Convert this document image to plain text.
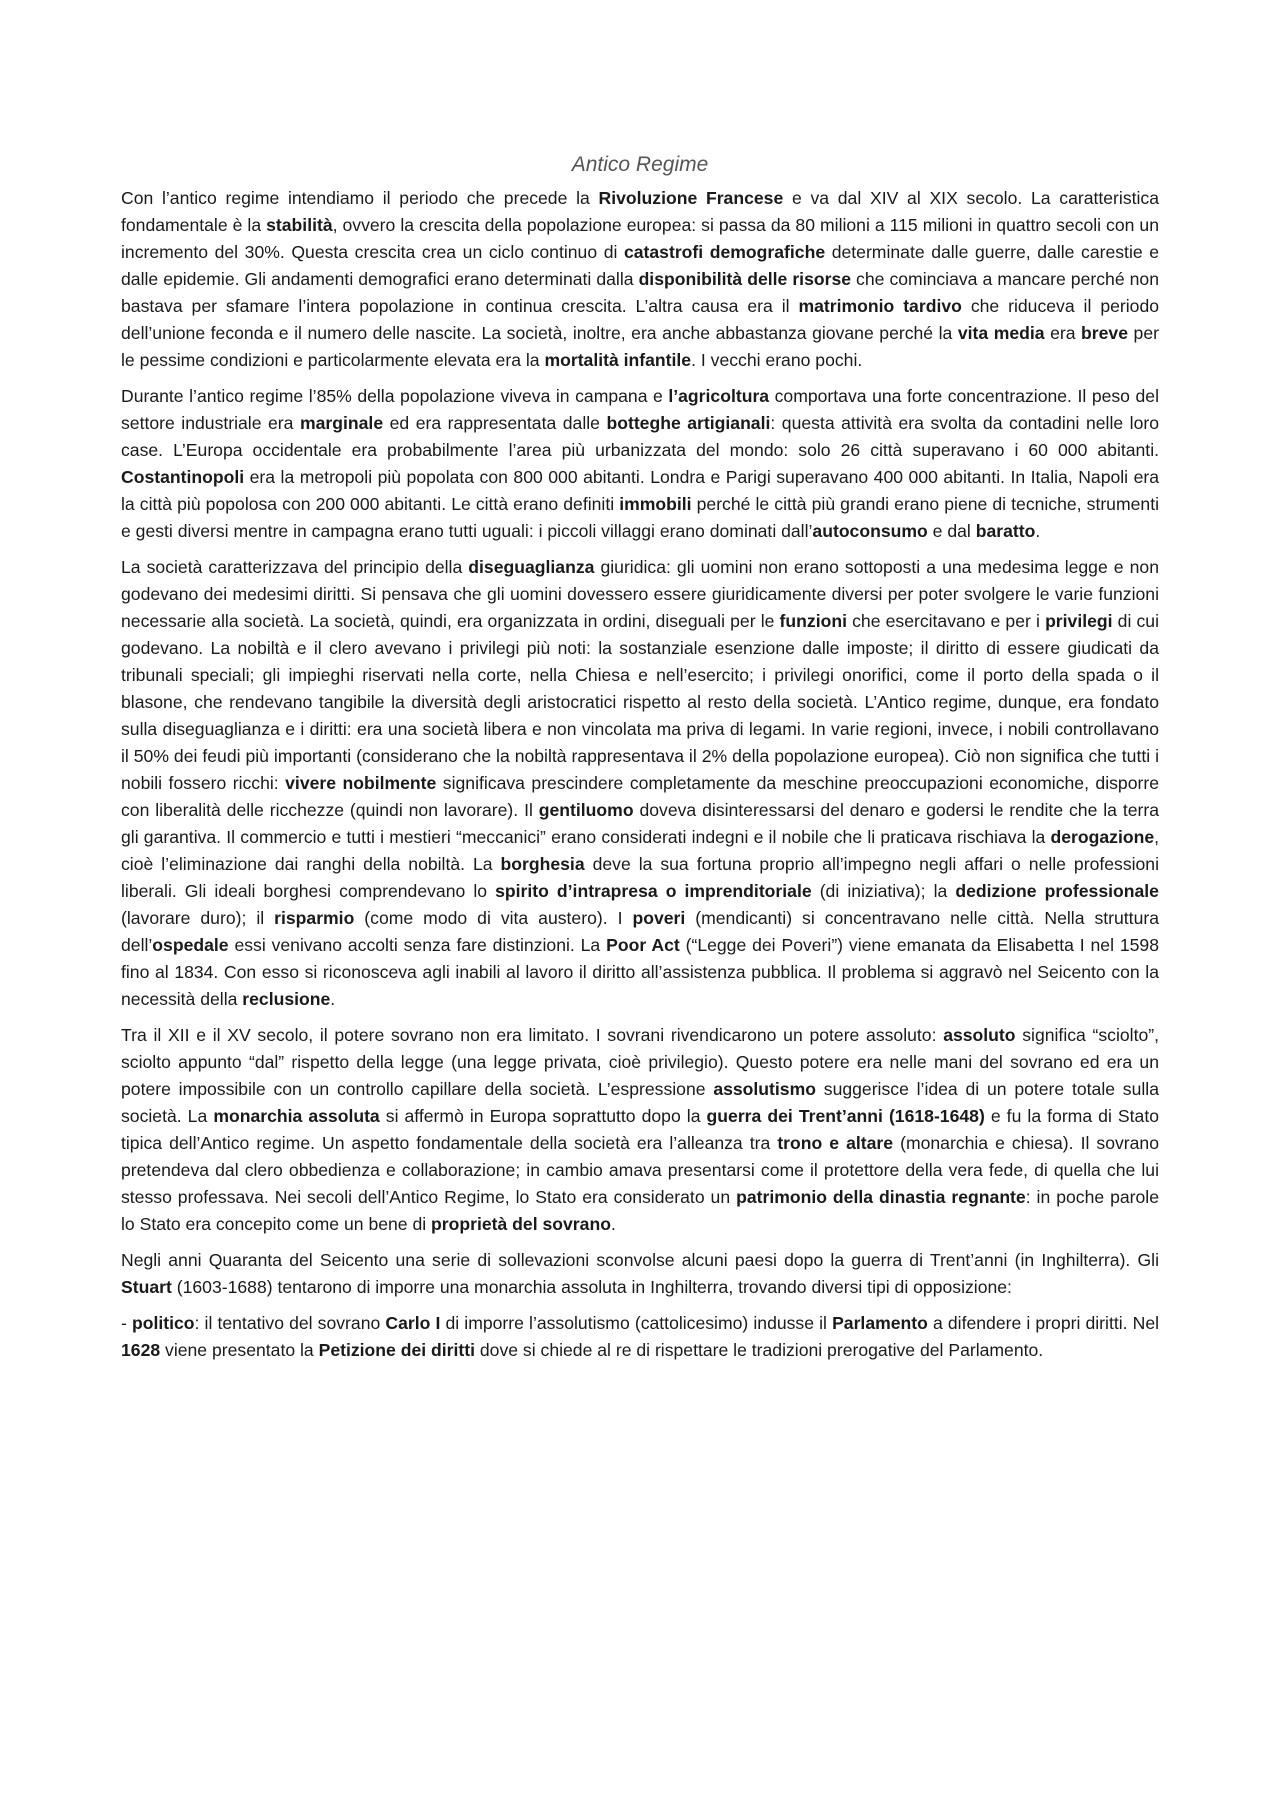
Antico Regime

Con l’antico regime intendiamo il periodo che precede la Rivoluzione Francese e va dal XIV al XIX secolo. La caratteristica fondamentale è la stabilità, ovvero la crescita della popolazione europea: si passa da 80 milioni a 115 milioni in quattro secoli con un incremento del 30%. Questa crescita crea un ciclo continuo di catastrofi demografiche determinate dalle guerre, dalle carestie e dalle epidemie. Gli andamenti demografici erano determinati dalla disponibilità delle risorse che cominciava a mancare perché non bastava per sfamare l’intera popolazione in continua crescita. L’altra causa era il matrimonio tardivo che riduceva il periodo dell’unione feconda e il numero delle nascite. La società, inoltre, era anche abbastanza giovane perché la vita media era breve per le pessime condizioni e particolarmente elevata era la mortalità infantile. I vecchi erano pochi.

Durante l’antico regime l’85% della popolazione viveva in campana e l’agricoltura comportava una forte concentrazione. Il peso del settore industriale era marginale ed era rappresentata dalle botteghe artigianali: questa attività era svolta da contadini nelle loro case. L’Europa occidentale era probabilmente l’area più urbanizzata del mondo: solo 26 città superavano i 60 000 abitanti. Costantinopoli era la metropoli più popolata con 800 000 abitanti. Londra e Parigi superavano 400 000 abitanti. In Italia, Napoli era la città più popolosa con 200 000 abitanti. Le città erano definiti immobili perché le città più grandi erano piene di tecniche, strumenti e gesti diversi mentre in campagna erano tutti uguali: i piccoli villaggi erano dominati dall’autoconsumo e dal baratto.

La società caratterizzava del principio della diseguaglianza giuridica: gli uomini non erano sottoposti a una medesima legge e non godevano dei medesimi diritti. Si pensava che gli uomini dovessero essere giuridicamente diversi per poter svolgere le varie funzioni necessarie alla società. La società, quindi, era organizzata in ordini, diseguali per le funzioni che esercitavano e per i privilegi di cui godevano. La nobiltà e il clero avevano i privilegi più noti: la sostanziale esenzione dalle imposte; il diritto di essere giudicati da tribunali speciali; gli impieghi riservati nella corte, nella Chiesa e nell’esercito; i privilegi onorifici, come il porto della spada o il blasone, che rendevano tangibile la diversità degli aristocratici rispetto al resto della società. L’Antico regime, dunque, era fondato sulla diseguaglianza e i diritti: era una società libera e non vincolata ma priva di legami. In varie regioni, invece, i nobili controllavano il 50% dei feudi più importanti (considerano che la nobiltà rappresentava il 2% della popolazione europea). Ciò non significa che tutti i nobili fossero ricchi: vivere nobilmente significava prescindere completamente da meschine preoccupazioni economiche, disporre con liberalità delle ricchezze (quindi non lavorare). Il gentiluomo doveva disinteressarsi del denaro e godersi le rendite che la terra gli garantiva. Il commercio e tutti i mestieri “meccanici” erano considerati indegni e il nobile che li praticava rischiava la derogazione, cioè l’eliminazione dai ranghi della nobiltà. La borghesia deve la sua fortuna proprio all’impegno negli affari o nelle professioni liberali. Gli ideali borghesi comprendevano lo spirito d’intrapresa o imprenditoriale (di iniziativa); la dedizione professionale (lavorare duro); il risparmio (come modo di vita austero). I poveri (mendicanti) si concentravano nelle città. Nella struttura dell’ospedale essi venivano accolti senza fare distinzioni. La Poor Act (“Legge dei Poveri”) viene emanata da Elisabetta I nel 1598 fino al 1834. Con esso si riconosceva agli inabili al lavoro il diritto all’assistenza pubblica. Il problema si aggravò nel Seicento con la necessità della reclusione.

Tra il XII e il XV secolo, il potere sovrano non era limitato. I sovrani rivendicarono un potere assoluto: assoluto significa “sciolto”, sciolto appunto “dal” rispetto della legge (una legge privata, cioè privilegio). Questo potere era nelle mani del sovrano ed era un potere impossibile con un controllo capillare della società. L’espressione assolutismo suggerisce l’idea di un potere totale sulla società. La monarchia assoluta si affermò in Europa soprattutto dopo la guerra dei Trent’anni (1618-1648) e fu la forma di Stato tipica dell’Antico regime. Un aspetto fondamentale della società era l’alleanza tra trono e altare (monarchia e chiesa). Il sovrano pretendeva dal clero obbedienza e collaborazione; in cambio amava presentarsi come il protettore della vera fede, di quella che lui stesso professava. Nei secoli dell’Antico Regime, lo Stato era considerato un patrimonio della dinastia regnante: in poche parole lo Stato era concepito come un bene di proprietà del sovrano.

Negli anni Quaranta del Seicento una serie di sollevazioni sconvolse alcuni paesi dopo la guerra di Trent’anni (in Inghilterra). Gli Stuart (1603-1688) tentarono di imporre una monarchia assoluta in Inghilterra, trovando diversi tipi di opposizione:

- politico: il tentativo del sovrano Carlo I di imporre l’assolutismo (cattolicesimo) indusse il Parlamento a difendere i propri diritti. Nel 1628 viene presentato la Petizione dei diritti dove si chiede al re di rispettare le tradizioni prerogative del Parlamento.
